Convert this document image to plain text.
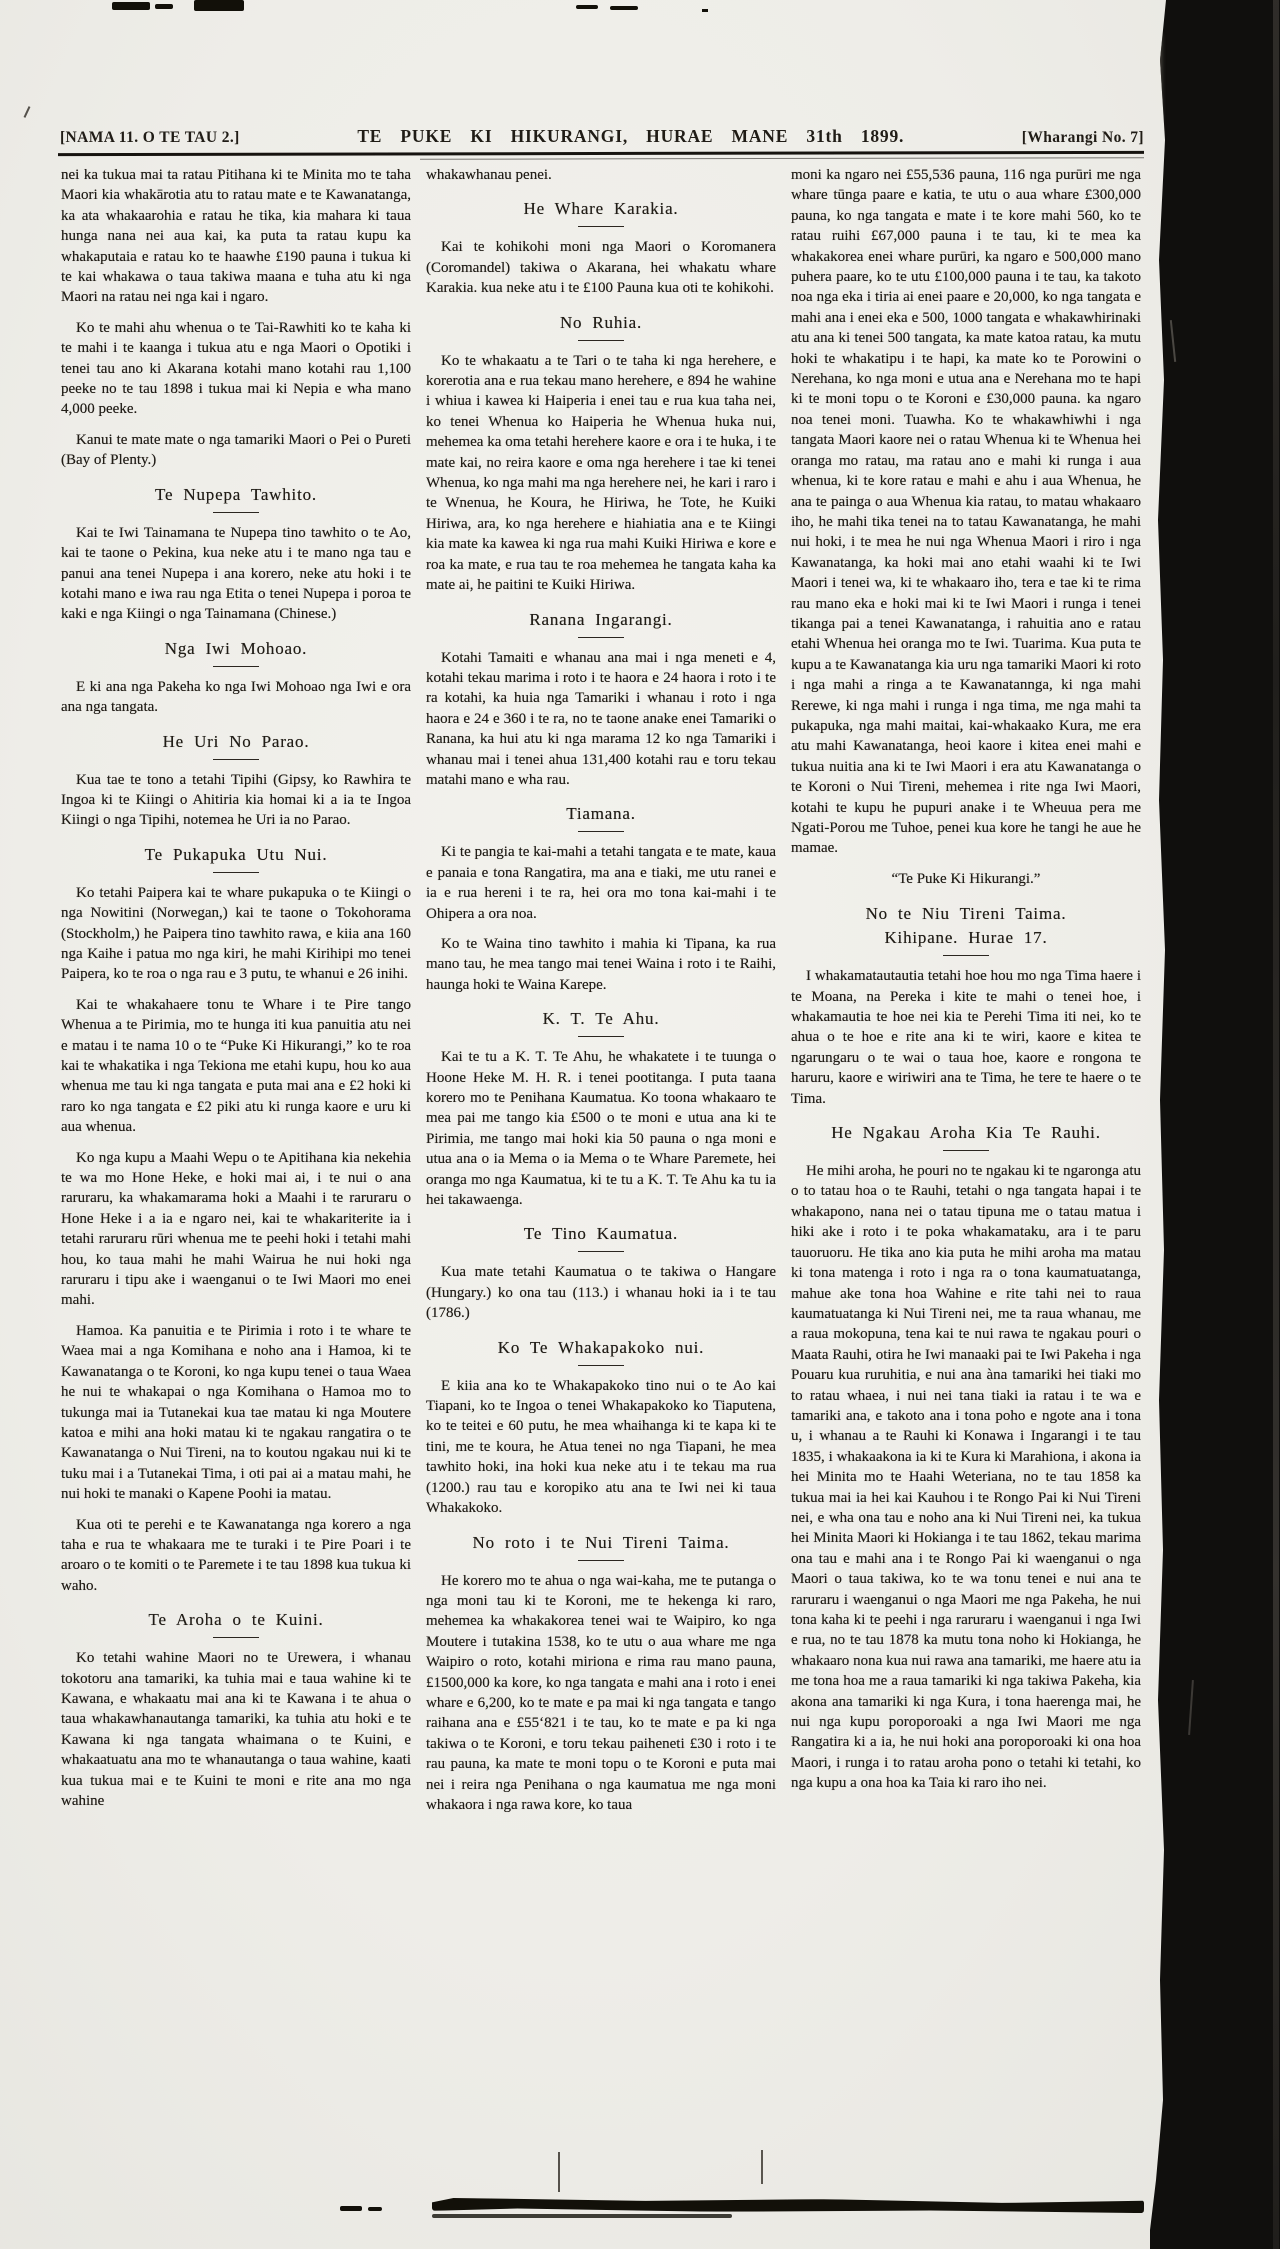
[NAMA 11. O TE TAU 2.]	TE PUKE KI HIKURANGI, HURAE MANE 31th 1899.	[Wharangi No. 7]

nei ka tukua mai ta ratau Pitihana ki te Minita mo te taha Maori kia whakārotia atu to ratau mate e te Kawanatanga, ka ata whakaarohia e ratau he tika, kia mahara ki taua hunga nana nei aua kai, ka puta ta ratau kupu ka whakaputaia e ratau ko te haawhe £190 pauna i tukua ki te kai whakawa o taua takiwa maana e tuha atu ki nga Maori na ratau nei nga kai i ngaro.

Ko te mahi ahu whenua o te Tai-Rawhiti ko te kaha ki te mahi i te kaanga i tukua atu e nga Maori o Opotiki i tenei tau ano ki Akarana kotahi mano kotahi rau 1,100 peeke no te tau 1898 i tukua mai ki Nepia e wha mano 4,000 peeke.

Kanui te mate mate o nga tamariki Maori o Pei o Pureti (Bay of Plenty.)

Te Nupepa Tawhito.

Kai te Iwi Tainamana te Nupepa tino tawhito o te Ao, kai te taone o Pekina, kua neke atu i te mano nga tau e panui ana tenei Nupepa i ana korero, neke atu hoki i te kotahi mano e iwa rau nga Etita o tenei Nupepa i poroa te kaki e nga Kiingi o nga Tainamana (Chinese.)

Nga Iwi Mohoao.

E ki ana nga Pakeha ko nga Iwi Mohoao nga Iwi e ora ana nga tangata.

He Uri No Parao.

Kua tae te tono a tetahi Tipihi (Gipsy, ko Rawhira te Ingoa ki te Kiingi o Ahitiria kia homai ki a ia te Ingoa Kiingi o nga Tipihi, notemea he Uri ia no Parao.

Te Pukapuka Utu Nui.

Ko tetahi Paipera kai te whare pukapuka o te Kiingi o nga Nowitini (Norwegan,) kai te taone o Tokohorama (Stockholm,) he Paipera tino tawhito rawa, e kiia ana 160 nga Kaihe i patua mo nga kiri, he mahi Kirihipi mo tenei Paipera, ko te roa o nga rau e 3 putu, te whanui e 26 inihi.

Kai te whakahaere tonu te Whare i te Pire tango Whenua a te Pirimia, mo te hunga iti kua panuitia atu nei e matau i te nama 10 o te “Puke Ki Hikurangi,” ko te roa kai te whakatika i nga Tekiona me etahi kupu, hou ko aua whenua me tau ki nga tangata e puta mai ana e £2 hoki ki raro ko nga tangata e £2 piki atu ki runga kaore e uru ki aua whenua.

Ko nga kupu a Maahi Wepu o te Apitihana kia nekehia te wa mo Hone Heke, e hoki mai ai, i te nui o ana raruraru, ka whakamarama hoki a Maahi i te raruraru o Hone Heke i a ia e ngaro nei, kai te whakariterite ia i tetahi raruraru rūri whenua me te peehi hoki i tetahi mahi hou, ko taua mahi he mahi Wairua he nui hoki nga raruraru i tipu ake i waenganui o te Iwi Maori mo enei mahi.

Hamoa. Ka panuitia e te Pirimia i roto i te whare te Waea mai a nga Komihana e noho ana i Hamoa, ki te Kawanatanga o te Koroni, ko nga kupu tenei o taua Waea he nui te whakapai o nga Komihana o Hamoa mo to tukunga mai ia Tutanekai kua tae matau ki nga Moutere katoa e mihi ana hoki matau ki te ngakau rangatira o te Kawanatanga o Nui Tireni, na to koutou ngakau nui ki te tuku mai i a Tutanekai Tima, i oti pai ai a matau mahi, he nui hoki te manaki o Kapene Poohi ia matau.

Kua oti te perehi e te Kawanatanga nga korero a nga taha e rua te whakaara me te turaki i te Pire Poari i te aroaro o te komiti o te Paremete i te tau 1898 kua tukua ki waho.

Te Aroha o te Kuini.

Ko tetahi wahine Maori no te Urewera, i whanau tokotoru ana tamariki, ka tuhia mai e taua wahine ki te Kawana, e whakaatu mai ana ki te Kawana i te ahua o taua whakawhanautanga tamariki, ka tuhia atu hoki e te Kawana ki nga tangata whaimana o te Kuini, e whakaatuatu ana mo te whanautanga o taua wahine, kaati kua tukua mai e te Kuini te moni e rite ana mo nga wahine

whakawhanau penei.

He Whare Karakia.

Kai te kohikohi moni nga Maori o Koromanera (Coromandel) takiwa o Akarana, hei whakatu whare Karakia. kua neke atu i te £100 Pauna kua oti te kohikohi.

No Ruhia.

Ko te whakaatu a te Tari o te taha ki nga herehere, e korerotia ana e rua tekau mano herehere, e 894 he wahine i whiua i kawea ki Haiperia i enei tau e rua kua taha nei, ko tenei Whenua ko Haiperia he Whenua huka nui, mehemea ka oma tetahi herehere kaore e ora i te huka, i te mate kai, no reira kaore e oma nga herehere i tae ki tenei Whenua, ko nga mahi ma nga herehere nei, he kari i raro i te Wnenua, he Koura, he Hiriwa, he Tote, he Kuiki Hiriwa, ara, ko nga herehere e hiahiatia ana e te Kiingi kia mate ka kawea ki nga rua mahi Kuiki Hiriwa e kore e roa ka mate, e rua tau te roa mehemea he tangata kaha ka mate ai, he paitini te Kuiki Hiriwa.

Ranana Ingarangi.

Kotahi Tamaiti e whanau ana mai i nga meneti e 4, kotahi tekau marima i roto i te haora e 24 haora i roto i te ra kotahi, ka huia nga Tamariki i whanau i roto i nga haora e 24 e 360 i te ra, no te taone anake enei Tamariki o Ranana, ka hui atu ki nga marama 12 ko nga Tamariki i whanau mai i tenei ahua 131,400 kotahi rau e toru tekau matahi mano e wha rau.

Tiamana.

Ki te pangia te kai-mahi a tetahi tangata e te mate, kaua e panaia e tona Rangatira, ma ana e tiaki, me utu ranei e ia e rua hereni i te ra, hei ora mo tona kai-mahi i te Ohipera a ora noa.

Ko te Waina tino tawhito i mahia ki Tipana, ka rua mano tau, he mea tango mai tenei Waina i roto i te Raihi, haunga hoki te Waina Karepe.

K. T. Te Ahu.

Kai te tu a K. T. Te Ahu, he whakatete i te tuunga o Hoone Heke M. H. R. i tenei pootitanga. I puta taana korero mo te Penihana Kaumatua. Ko toona whakaaro te mea pai me tango kia £500 o te moni e utua ana ki te Pirimia, me tango mai hoki kia 50 pauna o nga moni e utua ana o ia Mema o ia Mema o te Whare Paremete, hei oranga mo nga Kaumatua, ki te tu a K. T. Te Ahu ka tu ia hei takawaenga.

Te Tino Kaumatua.

Kua mate tetahi Kaumatua o te takiwa o Hangare (Hungary.) ko ona tau (113.) i whanau hoki ia i te tau (1786.)

Ko Te Whakapakoko nui.

E kiia ana ko te Whakapakoko tino nui o te Ao kai Tiapani, ko te Ingoa o tenei Whakapakoko ko Tiaputena, ko te teitei e 60 putu, he mea whaihanga ki te kapa ki te tini, me te koura, he Atua tenei no nga Tiapani, he mea tawhito hoki, ina hoki kua neke atu i te tekau ma rua (1200.) rau tau e koropiko atu ana te Iwi nei ki taua Whakakoko.

No roto i te Nui Tireni Taima.

He korero mo te ahua o nga wai-kaha, me te putanga o nga moni tau ki te Koroni, me te hekenga ki raro, mehemea ka whakakorea tenei wai te Waipiro, ko nga Moutere i tutakina 1538, ko te utu o aua whare me nga Waipiro o roto, kotahi miriona e rima rau mano pauna, £1500,000 ka kore, ko nga tangata e mahi ana i roto i enei whare e 6,200, ko te mate e pa mai ki nga tangata e tango raihana ana e £55‘821 i te tau, ko te mate e pa ki nga takiwa o te Koroni, e toru tekau paiheneti £30 i roto i te rau pauna, ka mate te moni topu o te Koroni e puta mai nei i reira nga Penihana o nga kaumatua me nga moni whakaora i nga rawa kore, ko taua

moni ka ngaro nei £55,536 pauna, 116 nga purūri me nga whare tūnga paare e katia, te utu o aua whare £300,000 pauna, ko nga tangata e mate i te kore mahi 560, ko te ratau ruihi £67,000 pauna i te tau, ki te mea ka whakakorea enei whare purūri, ka ngaro e 500,000 mano puhera paare, ko te utu £100,000 pauna i te tau, ka takoto noa nga eka i tiria ai enei paare e 20,000, ko nga tangata e mahi ana i enei eka e 500, 1000 tangata e whakawhirinaki atu ana ki tenei 500 tangata, ka mate katoa ratau, ka mutu hoki te whakatipu i te hapi, ka mate ko te Porowini o Nerehana, ko nga moni e utua ana e Nerehana mo te hapi ki te moni topu o te Koroni e £30,000 pauna. ka ngaro noa tenei moni. Tuawha. Ko te whakawhiwhi i nga tangata Maori kaore nei o ratau Whenua ki te Whenua hei oranga mo ratau, ma ratau ano e mahi ki runga i aua whenua, ki te kore ratau e mahi e ahu i aua Whenua, he ana te painga o aua Whenua kia ratau, to matau whakaaro iho, he mahi tika tenei na to tatau Kawanatanga, he mahi nui hoki, i te mea he nui nga Whenua Maori i riro i nga Kawanatanga, ka hoki mai ano etahi waahi ki te Iwi Maori i tenei wa, ki te whakaaro iho, tera e tae ki te rima rau mano eka e hoki mai ki te Iwi Maori i runga i tenei tikanga pai a tenei Kawanatanga, i rahuitia ano e ratau etahi Whenua hei oranga mo te Iwi. Tuarima. Kua puta te kupu a te Kawanatanga kia uru nga tamariki Maori ki roto i nga mahi a ringa a te Kawanatannga, ki nga mahi Rerewe, ki nga mahi i runga i nga tima, me nga mahi ta pukapuka, nga mahi maitai, kai-whakaako Kura, me era atu mahi Kawanatanga, heoi kaore i kitea enei mahi e tukua nuitia ana ki te Iwi Maori i era atu Kawanatanga o te Koroni o Nui Tireni, mehemea i rite nga Iwi Maori, kotahi te kupu he pupuri anake i te Wheuua pera me Ngati-Porou me Tuhoe, penei kua kore he tangi he aue he mamae.

“Te Puke Ki Hikurangi.”

No te Niu Tireni Taima.
Kihipane. Hurae 17.

I whakamatautautia tetahi hoe hou mo nga Tima haere i te Moana, na Pereka i kite te mahi o tenei hoe, i whakamautia te hoe nei kia te Perehi Tima iti nei, ko te ahua o te hoe e rite ana ki te wiri, kaore e kitea te ngarungaru o te wai o taua hoe, kaore e rongona te haruru, kaore e wiriwiri ana te Tima, he tere te haere o te Tima.

He Ngakau Aroha Kia Te Rauhi.

He mihi aroha, he pouri no te ngakau ki te ngaronga atu o to tatau hoa o te Rauhi, tetahi o nga tangata hapai i te whakapono, nana nei o tatau tipuna me o tatau matua i hiki ake i roto i te poka whakamataku, ara i te paru tauoruoru. He tika ano kia puta he mihi aroha ma matau ki tona matenga i roto i nga ra o tona kaumatuatanga, mahue ake tona hoa Wahine e rite tahi nei to raua kaumatuatanga ki Nui Tireni nei, me ta raua whanau, me a raua mokopuna, tena kai te nui rawa te ngakau pouri o Maata Rauhi, otira he Iwi manaaki pai te Iwi Pakeha i nga Pouaru kua ruruhitia, e nui ana àna tamariki hei tiaki mo to ratau whaea, i nui nei tana tiaki ia ratau i te wa e tamariki ana, e takoto ana i tona poho e ngote ana i tona u, i whanau a te Rauhi ki Konawa i Ingarangi i te tau 1835, i whakaakona ia ki te Kura ki Marahiona, i akona ia hei Minita mo te Haahi Weteriana, no te tau 1858 ka tukua mai ia hei kai Kauhou i te Rongo Pai ki Nui Tireni nei, e wha ona tau e noho ana ki Nui Tireni nei, ka tukua hei Minita Maori ki Hokianga i te tau 1862, tekau marima ona tau e mahi ana i te Rongo Pai ki waenganui o nga Maori o taua takiwa, ko te wa tonu tenei e nui ana te raruraru i waenganui o nga Maori me nga Pakeha, he nui tona kaha ki te peehi i nga raruraru i waenganui i nga Iwi e rua, no te tau 1878 ka mutu tona noho ki Hokianga, he whakaaro nona kua nui rawa ana tamariki, me haere atu ia me tona hoa me a raua tamariki ki nga takiwa Pakeha, kia akona ana tamariki ki nga Kura, i tona haerenga mai, he nui nga kupu poroporoaki a nga Iwi Maori me nga Rangatira ki a ia, he nui hoki ana poroporoaki ki ona hoa Maori, i runga i to ratau aroha pono o tetahi ki tetahi, ko nga kupu a ona hoa ka Taia ki raro iho nei.
